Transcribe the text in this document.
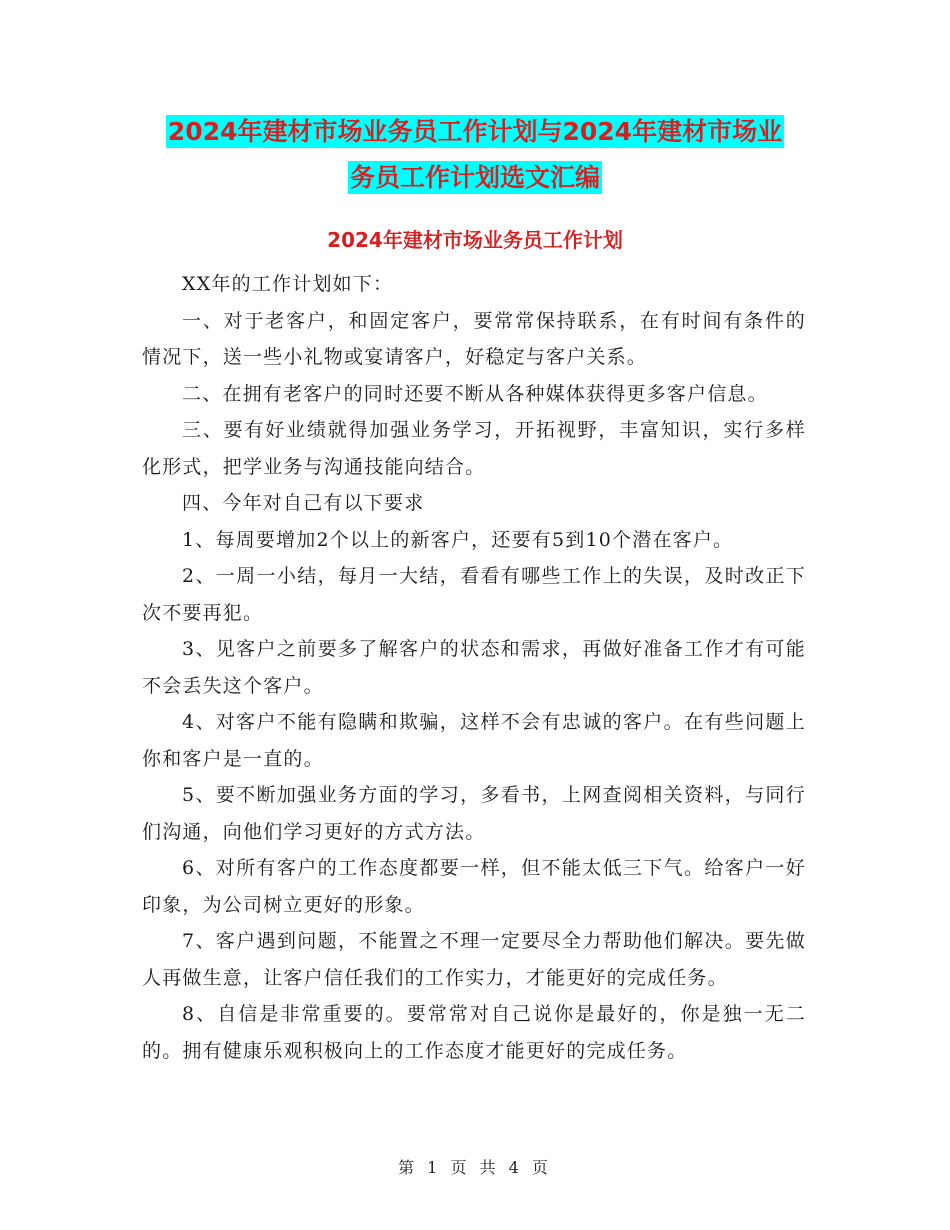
2024年建材市场业务员工作计划与2024年建材市场业
务员工作计划选文汇编
2024年建材市场业务员工作计划

XX年的工作计划如下：

一、对于老客户，和固定客户，要常常保持联系，在有时间有条件的情况下，送一些小礼物或宴请客户，好稳定与客户关系。

二、在拥有老客户的同时还要不断从各种媒体获得更多客户信息。

三、要有好业绩就得加强业务学习，开拓视野，丰富知识，实行多样化形式，把学业务与沟通技能向结合。

四、今年对自己有以下要求

1、每周要增加2个以上的新客户，还要有5到10个潜在客户。

2、一周一小结，每月一大结，看看有哪些工作上的失误，及时改正下次不要再犯。

3、见客户之前要多了解客户的状态和需求，再做好准备工作才有可能不会丢失这个客户。

4、对客户不能有隐瞒和欺骗，这样不会有忠诚的客户。在有些问题上你和客户是一直的。

5、要不断加强业务方面的学习，多看书，上网查阅相关资料，与同行们沟通，向他们学习更好的方式方法。

6、对所有客户的工作态度都要一样，但不能太低三下气。给客户一好印象，为公司树立更好的形象。

7、客户遇到问题，不能置之不理一定要尽全力帮助他们解决。要先做人再做生意，让客户信任我们的工作实力，才能更好的完成任务。

8、自信是非常重要的。要常常对自己说你是最好的，你是独一无二的。拥有健康乐观积极向上的工作态度才能更好的完成任务。

第 1 页 共 4 页
